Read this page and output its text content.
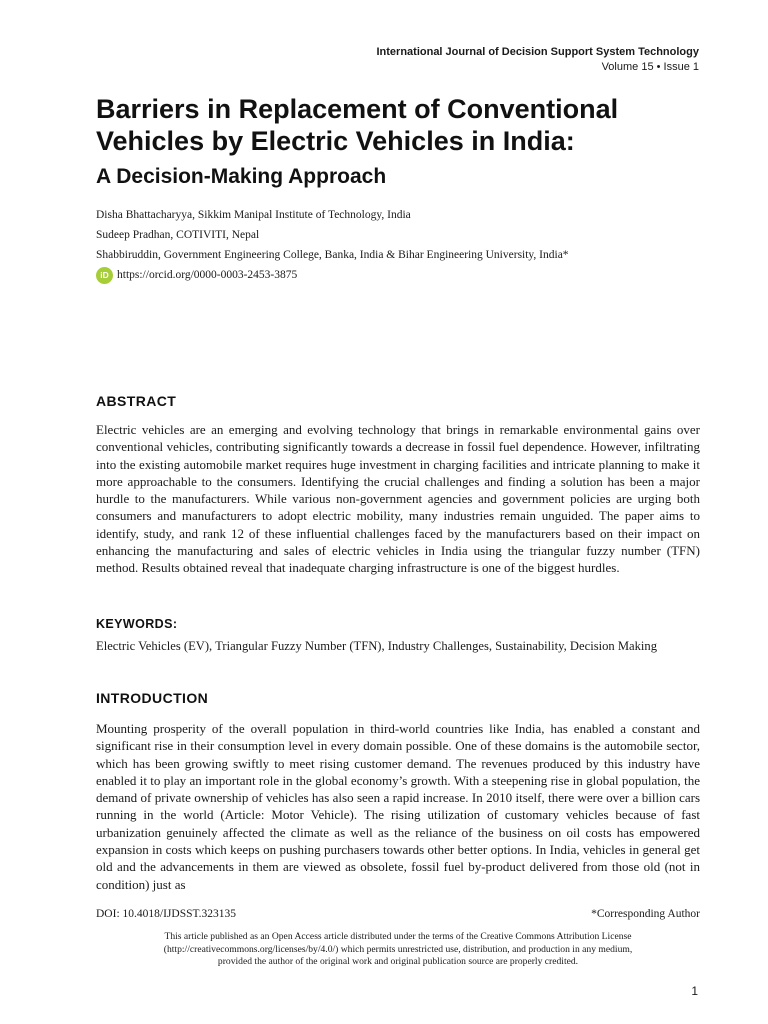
International Journal of Decision Support System Technology
Volume 15 • Issue 1
Barriers in Replacement of Conventional Vehicles by Electric Vehicles in India:
A Decision-Making Approach
Disha Bhattacharyya, Sikkim Manipal Institute of Technology, India
Sudeep Pradhan, COTIVITI, Nepal
Shabbiruddin, Government Engineering College, Banka, India & Bihar Engineering University, India*
iD https://orcid.org/0000-0003-2453-3875
ABSTRACT

Electric vehicles are an emerging and evolving technology that brings in remarkable environmental gains over conventional vehicles, contributing significantly towards a decrease in fossil fuel dependence. However, infiltrating into the existing automobile market requires huge investment in charging facilities and intricate planning to make it more approachable to the consumers. Identifying the crucial challenges and finding a solution has been a major hurdle to the manufacturers. While various non-government agencies and government policies are urging both consumers and manufacturers to adopt electric mobility, many industries remain unguided. The paper aims to identify, study, and rank 12 of these influential challenges faced by the manufacturers based on their impact on enhancing the manufacturing and sales of electric vehicles in India using the triangular fuzzy number (TFN) method. Results obtained reveal that inadequate charging infrastructure is one of the biggest hurdles.

KEYWORDS:

Electric Vehicles (EV), Triangular Fuzzy Number (TFN), Industry Challenges, Sustainability, Decision Making

INTRODUCTION

Mounting prosperity of the overall population in third-world countries like India, has enabled a constant and significant rise in their consumption level in every domain possible. One of these domains is the automobile sector, which has been growing swiftly to meet rising customer demand. The revenues produced by this industry have enabled it to play an important role in the global economy’s growth. With a steepening rise in global population, the demand of private ownership of vehicles has also seen a rapid increase. In 2010 itself, there were over a billion cars running in the world (Article: Motor Vehicle). The rising utilization of customary vehicles because of fast urbanization genuinely affected the climate as well as the reliance of the business on oil costs has empowered expansion in costs which keeps on pushing purchasers towards other better options. In India, vehicles in general get old and the advancements in them are viewed as obsolete, fossil fuel by-product delivered from those old (not in condition) just as

DOI: 10.4018/IJDSST.323135	*Corresponding Author
This article published as an Open Access article distributed under the terms of the Creative Commons Attribution License
(http://creativecommons.org/licenses/by/4.0/) which permits unrestricted use, distribution, and production in any medium,
provided the author of the original work and original publication source are properly credited.
1
